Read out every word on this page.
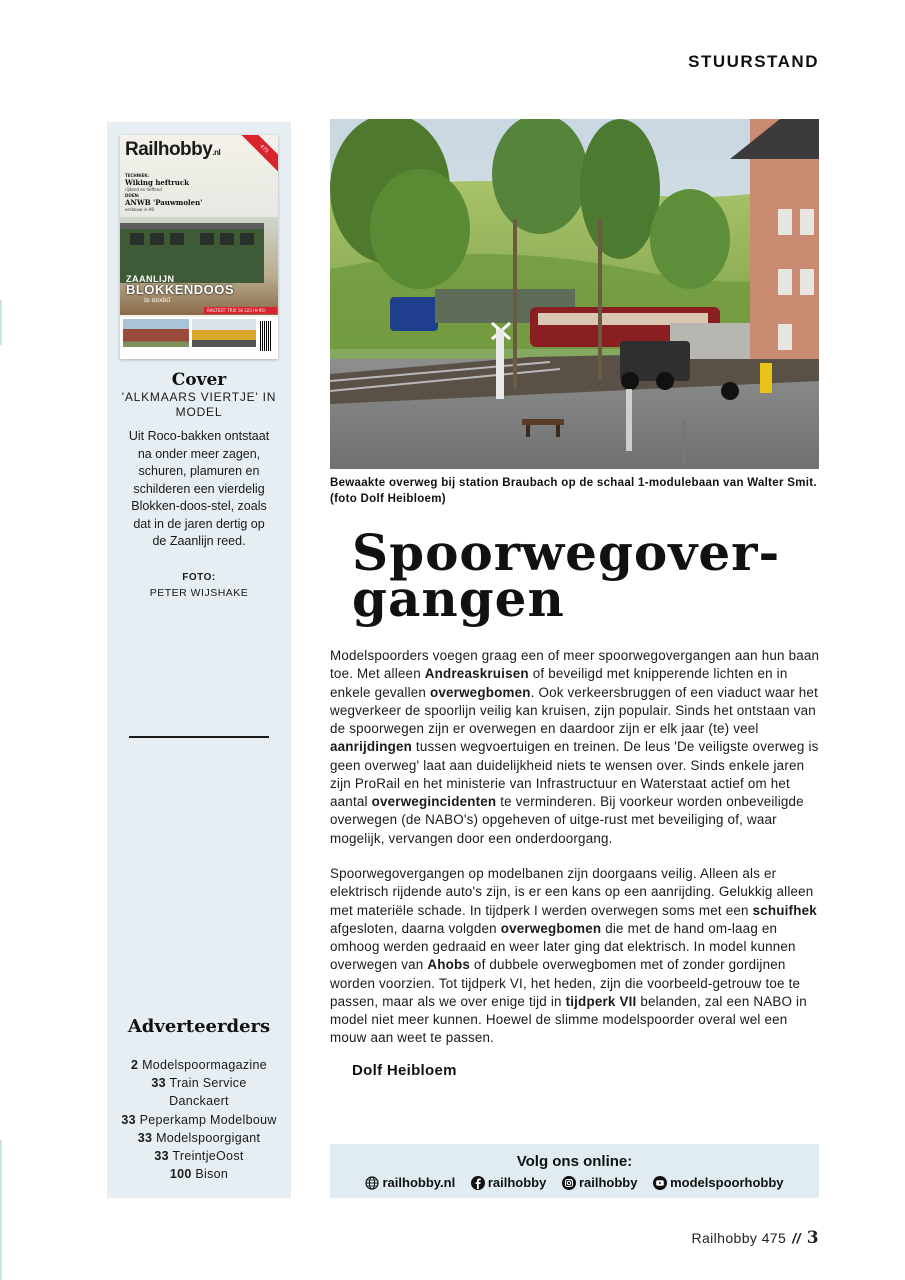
STUURSTAND
Railhobby.nl	475
TECHNIEK:
Wiking heftruck
rijdend en heffend
DOEN:
ANWB 'Pauwmolen'
verbouw in H0
ZAANLIJN
BLOKKENDOOS
in model
RAILTEST: TRIX 18 323 (H 95)
Cover
'ALKMAARS VIERTJE' IN MODEL
Uit Roco-bakken ontstaat na onder meer zagen, schuren, plamuren en schilderen een vierdelig Blokken-doos-stel, zoals dat in de jaren dertig op de Zaanlijn reed.
FOTO:
PETER WIJSHAKE
Adverteerders
2 Modelspoormagazine
33 Train Service Danckaert
33 Peperkamp Modelbouw
33 Modelspoorgigant
33 TreintjeOost
100 Bison
Bewaakte overweg bij station Braubach op de schaal 1-modulebaan van Walter Smit. (foto Dolf Heibloem)
Spoorwegover-
gangen
Modelspoorders voegen graag een of meer spoorwegovergangen aan hun baan toe. Met alleen Andreaskruisen of beveiligd met knipperende lichten en in enkele gevallen overwegbomen. Ook verkeersbruggen of een viaduct waar het wegverkeer de spoorlijn veilig kan kruisen, zijn populair. Sinds het ontstaan van de spoorwegen zijn er overwegen en daardoor zijn er elk jaar (te) veel aanrijdingen tussen wegvoertuigen en treinen. De leus 'De veiligste overweg is geen overweg' laat aan duidelijkheid niets te wensen over. Sinds enkele jaren zijn ProRail en het ministerie van Infrastructuur en Waterstaat actief om het aantal overwegincidenten te verminderen. Bij voorkeur worden onbeveiligde overwegen (de NABO's) opgeheven of uitge-rust met beveiliging of, waar mogelijk, vervangen door een onderdoorgang.
Spoorwegovergangen op modelbanen zijn doorgaans veilig. Alleen als er elektrisch rijdende auto's zijn, is er een kans op een aanrijding. Gelukkig alleen met materiële schade. In tijdperk I werden overwegen soms met een schuifhek afgesloten, daarna volgden overwegbomen die met de hand om-laag en omhoog werden gedraaid en weer later ging dat elektrisch. In model kunnen overwegen van Ahobs of dubbele overwegbomen met of zonder gordijnen worden voorzien. Tot tijdperk VI, het heden, zijn die voorbeeld-getrouw toe te passen, maar als we over enige tijd in tijdperk VII belanden, zal een NABO in model niet meer kunnen. Hoewel de slimme modelspoorder overal wel een mouw aan weet te passen.
Dolf Heibloem
Volg ons online:
railhobby.nl	railhobby	railhobby	modelspoorhobby
Railhobby 475 // 3
